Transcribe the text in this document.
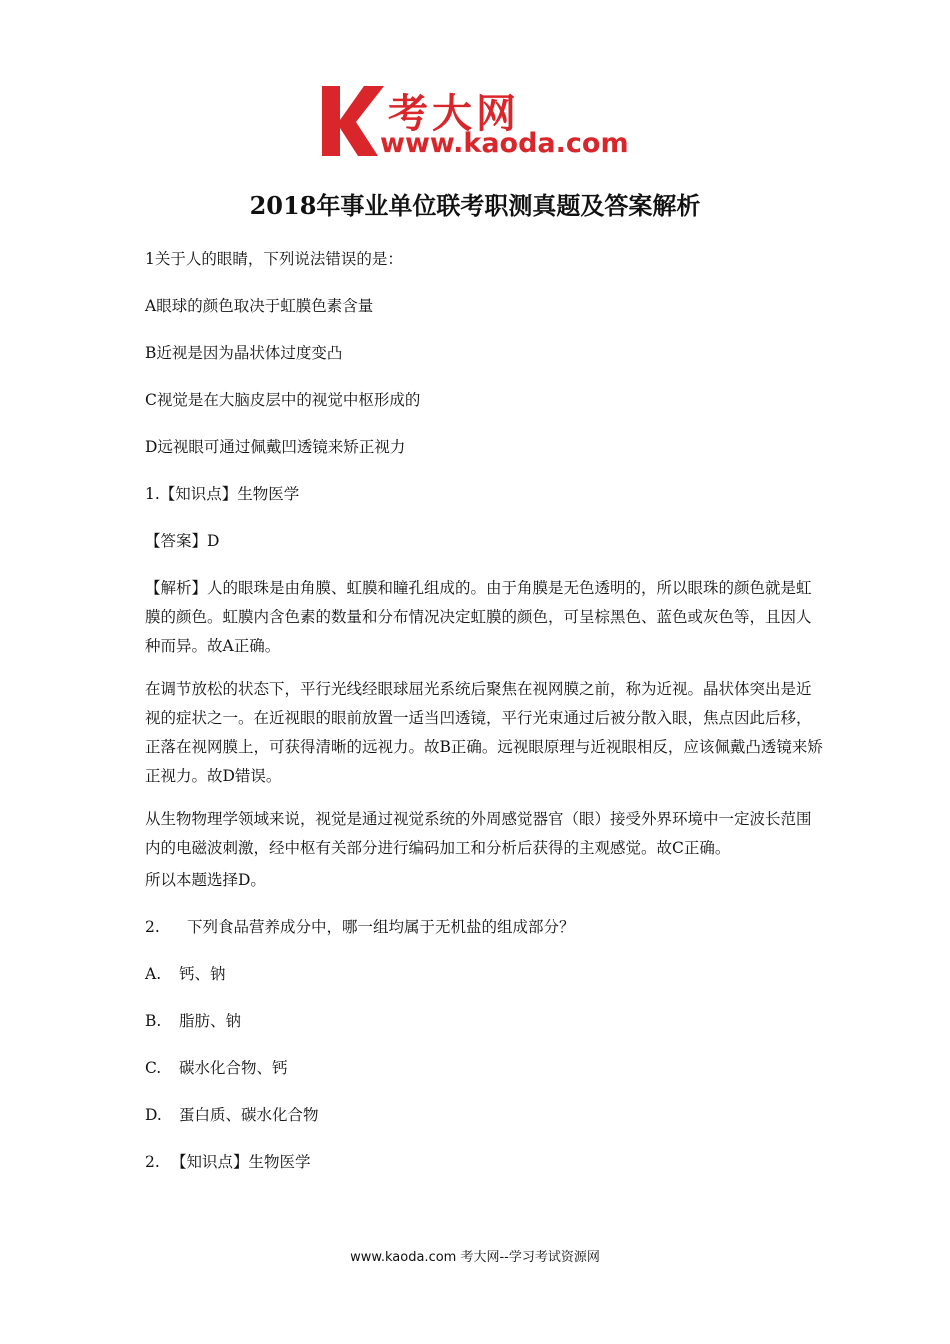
考大网
www.kaoda.com
2018年事业单位联考职测真题及答案解析
1关于人的眼睛，下列说法错误的是：
A眼球的颜色取决于虹膜色素含量
B近视是因为晶状体过度变凸
C视觉是在大脑皮层中的视觉中枢形成的
D远视眼可通过佩戴凹透镜来矫正视力
1.【知识点】生物医学
【答案】D
【解析】人的眼珠是由角膜、虹膜和瞳孔组成的。由于角膜是无色透明的，所以眼珠的颜色就是虹膜的颜色。虹膜内含色素的数量和分布情况决定虹膜的颜色，可呈棕黑色、蓝色或灰色等，且因人种而异。故A正确。
在调节放松的状态下，平行光线经眼球屈光系统后聚焦在视网膜之前，称为近视。晶状体突出是近视的症状之一。在近视眼的眼前放置一适当凹透镜，平行光束通过后被分散入眼，焦点因此后移，正落在视网膜上，可获得清晰的远视力。故B正确。远视眼原理与近视眼相反，应该佩戴凸透镜来矫正视力。故D错误。
从生物物理学领域来说，视觉是通过视觉系统的外周感觉器官（眼）接受外界环境中一定波长范围内的电磁波刺激，经中枢有关部分进行编码加工和分析后获得的主观感觉。故C正确。
所以本题选择D。
2. 下列食品营养成分中，哪一组均属于无机盐的组成部分？
A. 钙、钠
B. 脂肪、钠
C. 碳水化合物、钙
D. 蛋白质、碳水化合物
2. 【知识点】生物医学
www.kaoda.com 考大网--学习考试资源网
